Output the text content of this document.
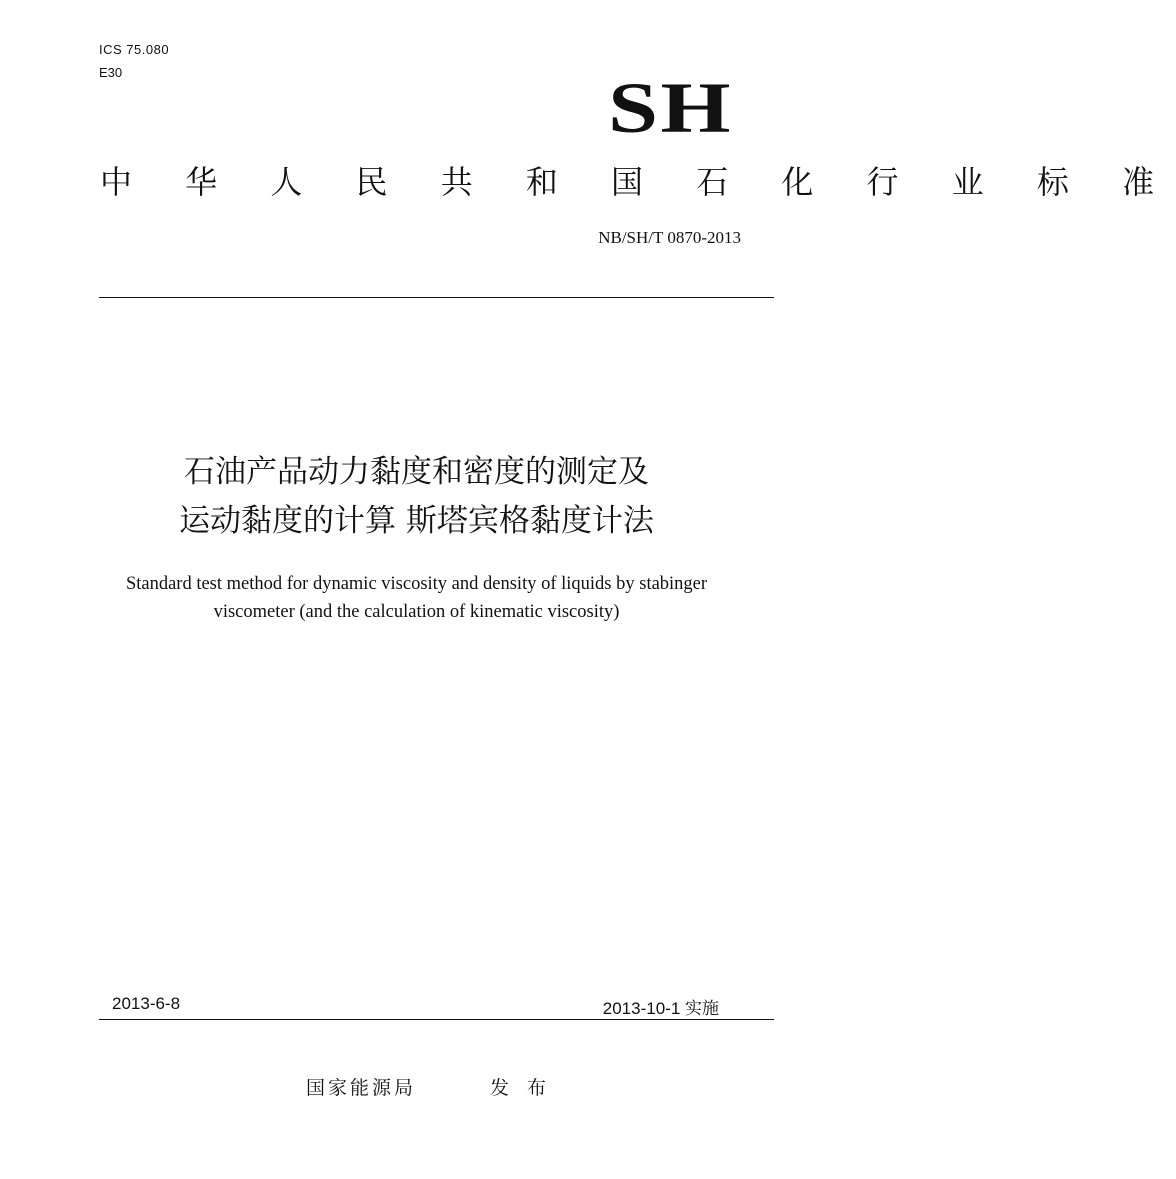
ICS 75.080
E30	SH
中 华 人 民 共 和 国 石 化 行 业 标 准
NB/SH/T 0870-2013
石油产品动力黏度和密度的测定及
运动黏度的计算 斯塔宾格黏度计法
Standard test method for dynamic viscosity and density of liquids by stabinger
viscometer (and the calculation of kinematic viscosity)
2013-6-8	2013-10-1 实施
国家能源局	发 布
